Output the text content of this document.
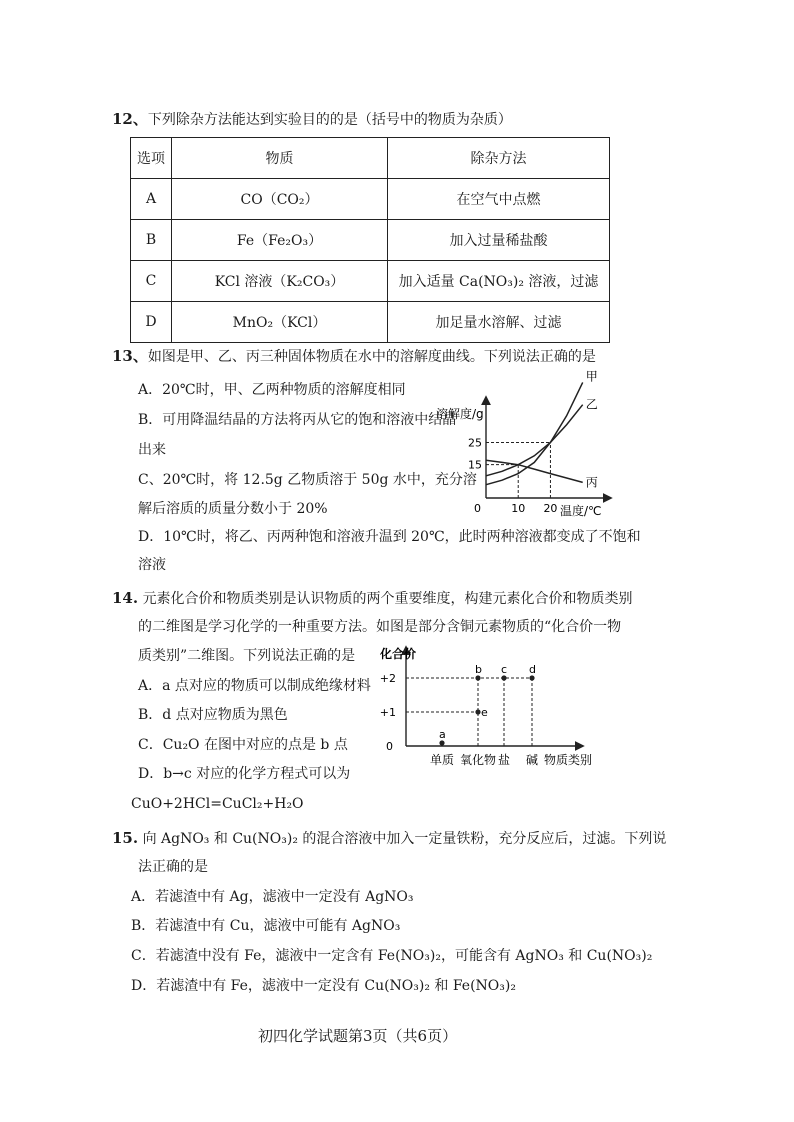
12、下列除杂方法能达到实验目的的是（括号中的物质为杂质）
选项	物质	除杂方法
A	CO（CO₂）	在空气中点燃
B	Fe（Fe₂O₃）	加入过量稀盐酸
C	KCl 溶液（K₂CO₃）	加入适量 Ca(NO₃)₂ 溶液，过滤
D	MnO₂（KCl）	加足量水溶解、过滤
13、如图是甲、乙、丙三种固体物质在水中的溶解度曲线。下列说法正确的是
A．20℃时，甲、乙两种物质的溶解度相同
B．可用降温结晶的方法将丙从它的饱和溶液中结晶
出来
C、20℃时，将 12.5g 乙物质溶于 50g 水中，充分溶
解后溶质的质量分数小于 20%
D．10℃时，将乙、丙两种饱和溶液升温到 20℃，此时两种溶液都变成了不饱和
溶液
溶解度/g
温度/℃
0	10 20
15
25
甲
乙
丙
14. 元素化合价和物质类别是认识物质的两个重要维度，构建元素化合价和物质类别
的二维图是学习化学的一种重要方法。如图是部分含铜元素物质的“化合价一物
质类别”二维图。下列说法正确的是
A．a 点对应的物质可以制成绝缘材料
B．d 点对应物质为黑色
C．Cu₂O 在图中对应的点是 b 点
D．b→c 对应的化学方程式可以为
CuO+2HCl=CuCl₂+H₂O
化合价
0
+1
+2
单质 氧化物 盐 碱 物质类别
a
b c d
e
15. 向 AgNO₃ 和 Cu(NO₃)₂ 的混合溶液中加入一定量铁粉，充分反应后，过滤。下列说
法正确的是
A．若滤渣中有 Ag，滤液中一定没有 AgNO₃
B．若滤渣中有 Cu，滤液中可能有 AgNO₃
C．若滤渣中没有 Fe，滤液中一定含有 Fe(NO₃)₂，可能含有 AgNO₃ 和 Cu(NO₃)₂
D．若滤渣中有 Fe，滤液中一定没有 Cu(NO₃)₂ 和 Fe(NO₃)₂
初四化学试题第3页（共6页）
